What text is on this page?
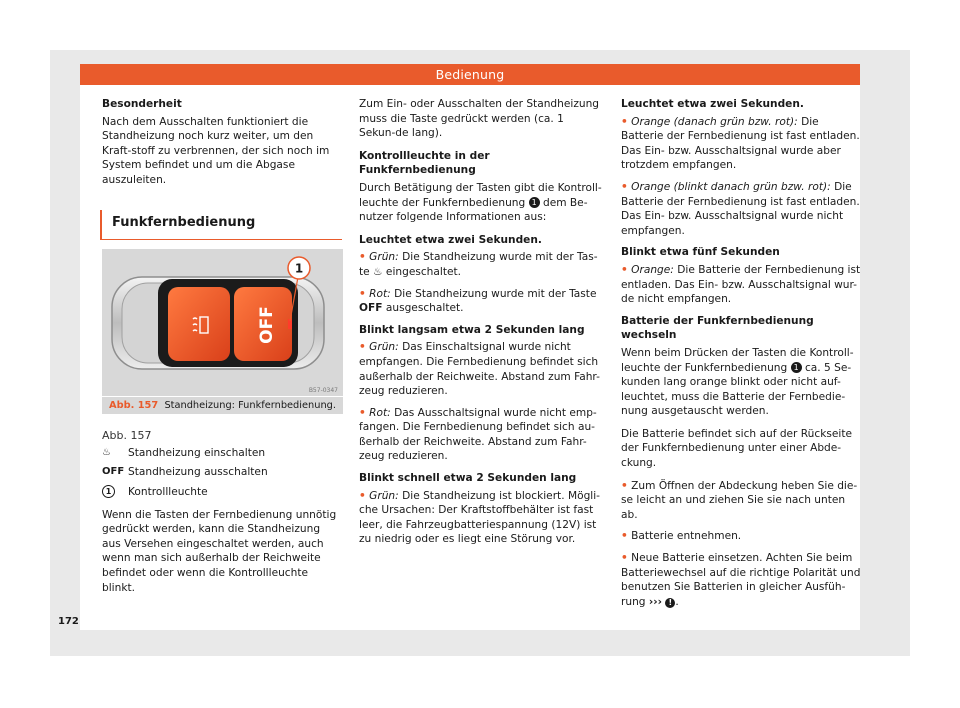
Bedienung

Besonderheit

Nach dem Ausschalten funktioniert die Standheizung noch kurz weiter, um den Kraft-stoff zu verbrennen, der sich noch im System befindet und um die Abgase auszuleiten.

Funkfernbedienung
OFF
1
B57-0347
Abb. 157 Standheizung: Funkfernbedienung.
Abb. 157
♨	Standheizung einschalten
OFF Standheizung ausschalten
1	Kontrollleuchte

Wenn die Tasten der Fernbedienung unnötig gedrückt werden, kann die Standheizung aus Versehen eingeschaltet werden, auch wenn man sich außerhalb der Reichweite befindet oder wenn die Kontrollleuchte blinkt.

Zum Ein- oder Ausschalten der Standheizung muss die Taste gedrückt werden (ca. 1 Sekun-de lang).

Kontrollleuchte in der Funkfernbedienung

Durch Betätigung der Tasten gibt die Kontroll-leuchte der Funkfernbedienung 1 dem Be-nutzer folgende Informationen aus:

Leuchtet etwa zwei Sekunden.

• Grün: Die Standheizung wurde mit der Tas-te ♨ eingeschaltet.

• Rot: Die Standheizung wurde mit der Taste OFF ausgeschaltet.

Blinkt langsam etwa 2 Sekunden lang

• Grün: Das Einschaltsignal wurde nicht empfangen. Die Fernbedienung befindet sich außerhalb der Reichweite. Abstand zum Fahr-zeug reduzieren.

• Rot: Das Ausschaltsignal wurde nicht emp-fangen. Die Fernbedienung befindet sich au-ßerhalb der Reichweite. Abstand zum Fahr-zeug reduzieren.

Blinkt schnell etwa 2 Sekunden lang

• Grün: Die Standheizung ist blockiert. Mögli-che Ursachen: Der Kraftstoffbehälter ist fast leer, die Fahrzeugbatteriespannung (12V) ist zu niedrig oder es liegt eine Störung vor.

Leuchtet etwa zwei Sekunden.

• Orange (danach grün bzw. rot): Die Batterie der Fernbedienung ist fast entladen. Das Ein- bzw. Ausschaltsignal wurde aber trotzdem empfangen.

• Orange (blinkt danach grün bzw. rot): Die Batterie der Fernbedienung ist fast entladen. Das Ein- bzw. Ausschaltsignal wurde nicht empfangen.

Blinkt etwa fünf Sekunden

• Orange: Die Batterie der Fernbedienung ist entladen. Das Ein- bzw. Ausschaltsignal wur-de nicht empfangen.

Batterie der Funkfernbedienung wechseln

Wenn beim Drücken der Tasten die Kontroll-leuchte der Funkfernbedienung 1 ca. 5 Se-kunden lang orange blinkt oder nicht auf-leuchtet, muss die Batterie der Fernbedie-nung ausgetauscht werden.

Die Batterie befindet sich auf der Rückseite der Funkfernbedienung unter einer Abde-ckung.

• Zum Öffnen der Abdeckung heben Sie die-se leicht an und ziehen Sie sie nach unten ab.

• Batterie entnehmen.

• Neue Batterie einsetzen. Achten Sie beim Batteriewechsel auf die richtige Polarität und benutzen Sie Batterien in gleicher Ausfüh-rung ››› ! .

172
